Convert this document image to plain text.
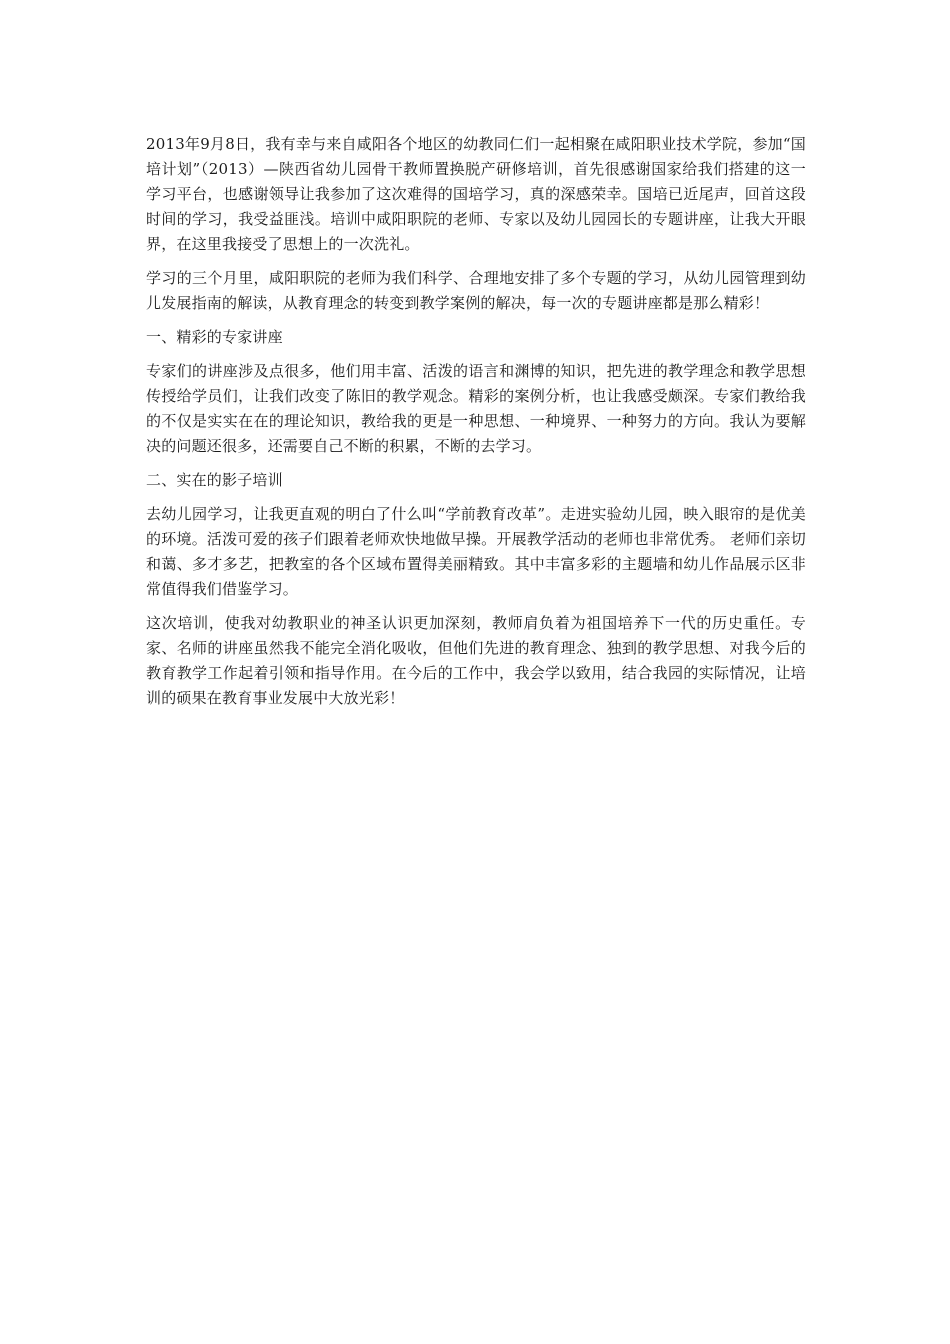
2013年9月8日，我有幸与来自咸阳各个地区的幼教同仁们一起相聚在咸阳职业技术学院，参加“国培计划”（2013）—陕西省幼儿园骨干教师置换脱产研修培训，首先很感谢国家给我们搭建的这一学习平台，也感谢领导让我参加了这次难得的国培学习，真的深感荣幸。国培已近尾声，回首这段时间的学习，我受益匪浅。培训中咸阳职院的老师、专家以及幼儿园园长的专题讲座，让我大开眼界，在这里我接受了思想上的一次洗礼。

学习的三个月里，咸阳职院的老师为我们科学、合理地安排了多个专题的学习，从幼儿园管理到幼儿发展指南的解读，从教育理念的转变到教学案例的解决，每一次的专题讲座都是那么精彩！

一、精彩的专家讲座

专家们的讲座涉及点很多，他们用丰富、活泼的语言和渊博的知识，把先进的教学理念和教学思想传授给学员们，让我们改变了陈旧的教学观念。精彩的案例分析，也让我感受颇深。专家们教给我的不仅是实实在在的理论知识，教给我的更是一种思想、一种境界、一种努力的方向。我认为要解决的问题还很多，还需要自己不断的积累，不断的去学习。

二、实在的影子培训

去幼儿园学习，让我更直观的明白了什么叫“学前教育改革”。走进实验幼儿园，映入眼帘的是优美的环境。活泼可爱的孩子们跟着老师欢快地做早操。开展教学活动的老师也非常优秀。 老师们亲切和蔼、多才多艺，把教室的各个区域布置得美丽精致。其中丰富多彩的主题墙和幼儿作品展示区非常值得我们借鉴学习。

这次培训，使我对幼教职业的神圣认识更加深刻，教师肩负着为祖国培养下一代的历史重任。专家、名师的讲座虽然我不能完全消化吸收，但他们先进的教育理念、独到的教学思想、对我今后的教育教学工作起着引领和指导作用。在今后的工作中，我会学以致用，结合我园的实际情况，让培训的硕果在教育事业发展中大放光彩！
